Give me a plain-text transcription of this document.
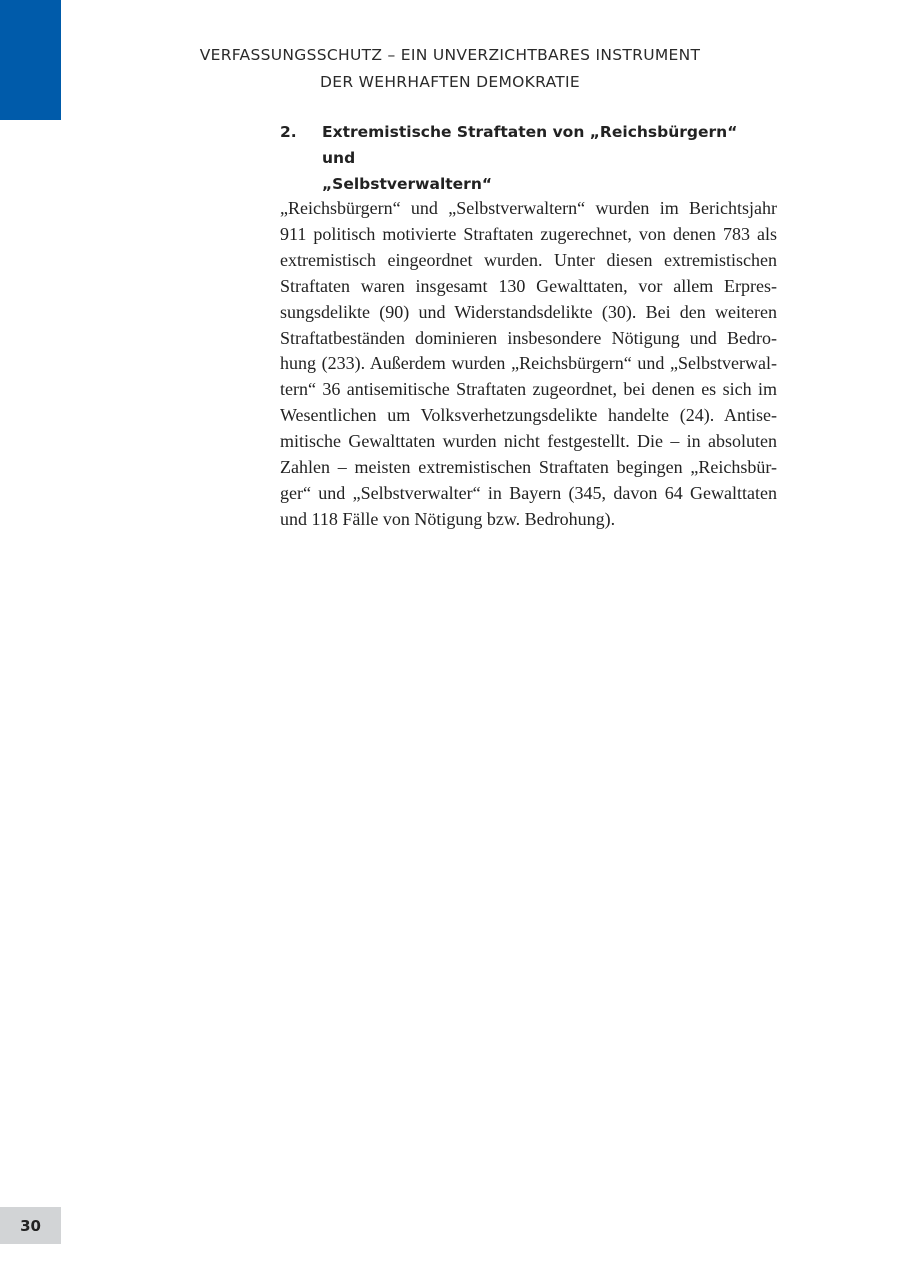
VERFASSUNGSSCHUTZ – EIN UNVERZICHTBARES INSTRUMENT
DER WEHRHAFTEN DEMOKRATIE
2. Extremistische Straftaten von „Reichsbürgern“ und
„Selbstverwaltern“
„Reichsbürgern“ und „Selbstverwaltern“ wurden im Berichtsjahr
911 politisch motivierte Straftaten zugerechnet, von denen 783 als
extremistisch eingeordnet wurden. Unter diesen extremistischen
Straftaten waren insgesamt 130 Gewalttaten, vor allem Erpres-
sungsdelikte (90) und Widerstandsdelikte (30). Bei den weiteren
Straftatbeständen dominieren insbesondere Nötigung und Bedro-
hung (233). Außerdem wurden „Reichsbürgern“ und „Selbstverwal-
tern“ 36 antisemitische Straftaten zugeordnet, bei denen es sich im
Wesentlichen um Volksverhetzungsdelikte handelte (24). Antise-
mitische Gewalttaten wurden nicht festgestellt. Die – in absoluten
Zahlen – meisten extremistischen Straftaten begingen „Reichsbür-
ger“ und „Selbstverwalter“ in Bayern (345, davon 64 Gewalttaten
und 118 Fälle von Nötigung bzw. Bedrohung).
30
